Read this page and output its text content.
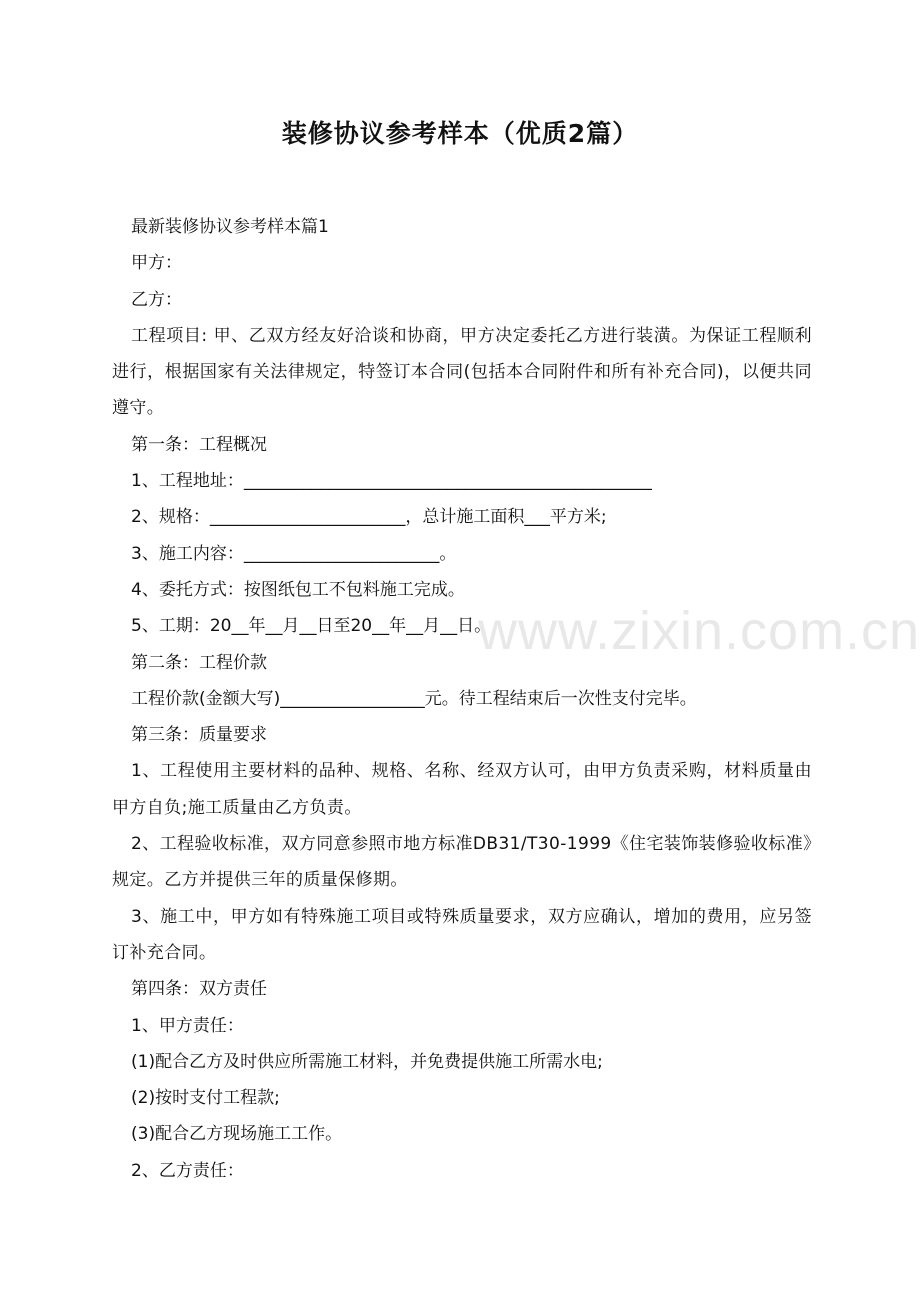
装修协议参考样本（优质2篇）

最新装修协议参考样本篇1

甲方：

乙方：

工程项目: 甲、乙双方经友好洽谈和协商，甲方决定委托乙方进行装潢。为保证工程顺利进行，根据国家有关法律规定，特签订本合同(包括本合同附件和所有补充合同)，以便共同遵守。

第一条：工程概况

1、工程地址：________________________________________________

2、规格：_______________________，总计施工面积___平方米;

3、施工内容：_______________________。

4、委托方式：按图纸包工不包料施工完成。

5、工期：20__年__月__日至20__年__月__日。

第二条：工程价款

工程价款(金额大写)_________________元。待工程结束后一次性支付完毕。

第三条：质量要求

1、工程使用主要材料的品种、规格、名称、经双方认可，由甲方负责采购，材料质量由甲方自负;施工质量由乙方负责。

2、工程验收标准，双方同意参照市地方标准DB31/T30-1999《住宅装饰装修验收标准》规定。乙方并提供三年的质量保修期。

3、施工中，甲方如有特殊施工项目或特殊质量要求，双方应确认，增加的费用，应另签订补充合同。

第四条：双方责任

1、甲方责任：

(1)配合乙方及时供应所需施工材料，并免费提供施工所需水电;

(2)按时支付工程款;

(3)配合乙方现场施工工作。

2、乙方责任：

www.zixin.com.cn
